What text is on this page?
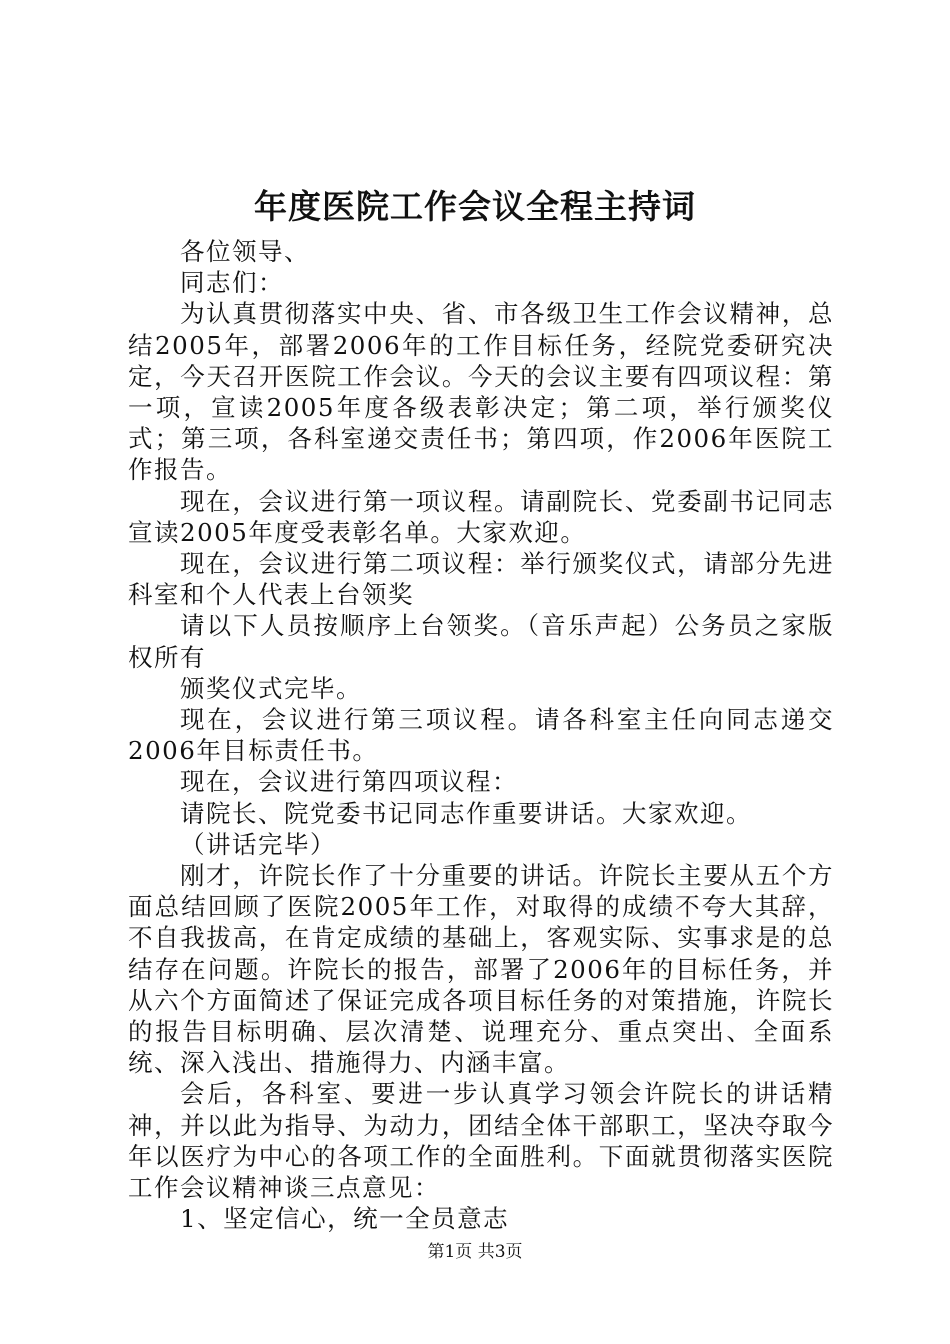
年度医院工作会议全程主持词

各位领导、

同志们：

为认真贯彻落实中央、省、市各级卫生工作会议精神，总结2005年，部署2006年的工作目标任务，经院党委研究决定，今天召开医院工作会议。今天的会议主要有四项议程：第一项，宣读2005年度各级表彰决定；第二项，举行颁奖仪式；第三项，各科室递交责任书；第四项，作2006年医院工作报告。

现在，会议进行第一项议程。请副院长、党委副书记同志宣读2005年度受表彰名单。大家欢迎。

现在，会议进行第二项议程：举行颁奖仪式，请部分先进科室和个人代表上台领奖

请以下人员按顺序上台领奖。（音乐声起）公务员之家版权所有

颁奖仪式完毕。

现在，会议进行第三项议程。请各科室主任向同志递交2006年目标责任书。

现在，会议进行第四项议程：

请院长、院党委书记同志作重要讲话。大家欢迎。

（讲话完毕）

刚才，许院长作了十分重要的讲话。许院长主要从五个方面总结回顾了医院2005年工作，对取得的成绩不夸大其辞，不自我拔高，在肯定成绩的基础上，客观实际、实事求是的总结存在问题。许院长的报告，部署了2006年的目标任务，并从六个方面简述了保证完成各项目标任务的对策措施，许院长的报告目标明确、层次清楚、说理充分、重点突出、全面系统、深入浅出、措施得力、内涵丰富。

会后，各科室、要进一步认真学习领会许院长的讲话精神，并以此为指导、为动力，团结全体干部职工，坚决夺取今年以医疗为中心的各项工作的全面胜利。下面就贯彻落实医院工作会议精神谈三点意见：

1、坚定信心，统一全员意志

第1页 共3页
